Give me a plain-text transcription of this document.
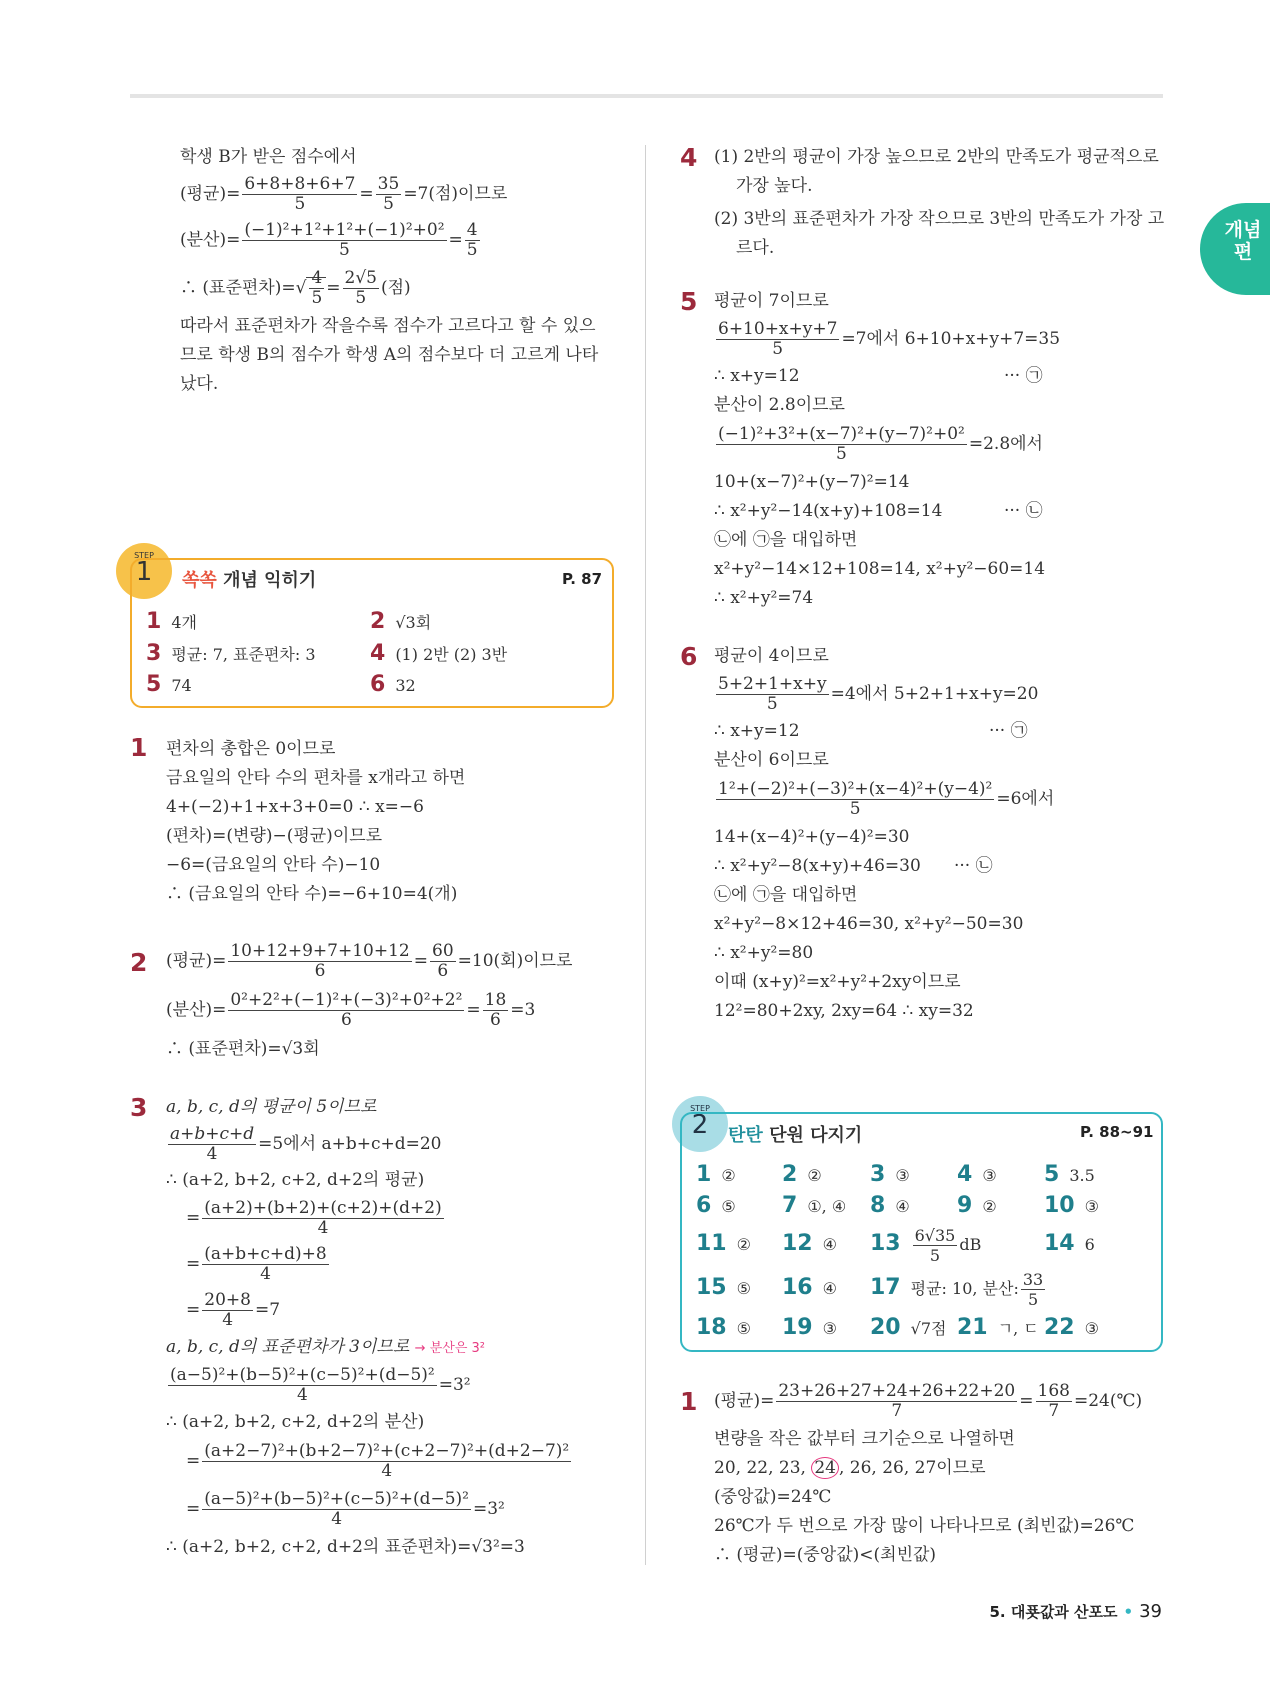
개념편
학생 B가 받은 점수에서
(평균)= $\frac{6+8+8+6+7}{5} = \frac{35}{5} =7$(점)이므로
(분산)= $\frac{\text{(−1)²+1²+1²+(−1)²+0²}}{5} = \frac{4}{5}$
∴ (표준편차)=√ $\frac{4}{5} = \frac{2√5}{5}$ (점)
따라서 표준편차가 작을수록 점수가 고르다고 할 수 있으
므로 학생 B의 점수가 학생 A의 점수보다 더 고르게 나타
났다.
STEP
1	쏙쏙 개념 익히기	P. 87
1 4개	2 √3회
3 평균: 7, 표준편차: 3 4 (1) 2반 (2) 3반
5 74	6 32
1 편차의 총합은 0이므로
금요일의 안타 수의 편차를 x개라고 하면
4+(−2)+1+x+3+0=0 ∴ x=−6
(편차)=(변량)−(평균)이므로
−6=(금요일의 안타 수)−10
∴ (금요일의 안타 수)=−6+10=4(개)
2 (평균)= $\frac{10+12+9+7+10+12}{6} = \frac{60}{6} =10$(회)이므로
(분산)= $\frac{\text{0²+2²+(−1)²+(−3)²+0²+2²}}{6} = \frac{18}{6} =3$
∴ (표준편차)=√3회
3 a, b, c, d의 평균이 5이므로
$\frac{a+b+c+d}{4} =5$에서 a+b+c+d=20
∴ (a+2, b+2, c+2, d+2의 평균)
= $\frac{(a+2)+(b+2)+(c+2)+(d+2)}{4}$
= $\frac{(a+b+c+d)+8}{4}$
= $\frac{20+8}{4} =7$
a, b, c, d의 표준편차가 3이므로 → 분산은 3²
$\frac{\text{(a−5)²+(b−5)²+(c−5)²+(d−5)²}}{4} =3^2$
∴ (a+2, b+2, c+2, d+2의 분산)
= $\frac{\text{(a+2−7)²+(b+2−7)²+(c+2−7)²+(d+2−7)²}}{4}$
= $\frac{\text{(a−5)²+(b−5)²+(c−5)²+(d−5)²}}{4} =3^2$
∴ (a+2, b+2, c+2, d+2의 표준편차)=√3²=3
4 (1) 2반의 평균이 가장 높으므로 2반의 만족도가 평균적으로
가장 높다.
(2) 3반의 표준편차가 가장 작으므로 3반의 만족도가 가장 고
르다.
5 평균이 7이므로
$\frac{6+10+x+y+7}{5} =7$에서 6+10+x+y+7=35
∴ x+y=12	··· ㉠
분산이 2.8이므로
$\frac{\text{(−1)²+3²+(x−7)²+(y−7)²+0²}}{5} =2.8$에서
10+(x−7)²+(y−7)²=14
∴ x²+y²−14(x+y)+108=14	··· ㉡
㉡에 ㉠을 대입하면
x²+y²−14×12+108=14, x²+y²−60=14
∴ x²+y²=74
6 평균이 4이므로
$\frac{5+2+1+x+y}{5} =4$에서 5+2+1+x+y=20
∴ x+y=12	··· ㉠
분산이 6이므로
$\frac{\text{1²+(−2)²+(−3)²+(x−4)²+(y−4)²}}{5} =6$에서
14+(x−4)²+(y−4)²=30
∴ x²+y²−8(x+y)+46=30 ··· ㉡
㉡에 ㉠을 대입하면
x²+y²−8×12+46=30, x²+y²−50=30
∴ x²+y²=80
이때 (x+y)²=x²+y²+2xy이므로
12²=80+2xy, 2xy=64 ∴ xy=32
STEP
2	탄탄 단원 다지기	P. 88~91
1 ② 2 ② 3 ③ 4 ③ 5 3.5
6 ⑤ 7 ①, ④ 8 ④ 9 ② 10 ③
11 ② 12 ④ $13 \frac{6√35}{5}$ dB	14 6
15 ⑤ 16 ④ 17 평균: 10, 분산: $\frac{33}{5}$
18 ⑤ 19 ③ 20 √7점 21 ㄱ, ㄷ 22 ③
1 (평균)= $\frac{23+26+27+24+26+22+20}{7} = \frac{168}{7}$ =24(℃)
변량을 작은 값부터 크기순으로 나열하면
20, 22, 23, 24 , 26, 26, 27이므로
(중앙값)=24℃
26℃가 두 번으로 가장 많이 나타나므로 (최빈값)=26℃
∴ (평균)=(중앙값)<(최빈값)
5. 대푯값과 산포도 • 39
